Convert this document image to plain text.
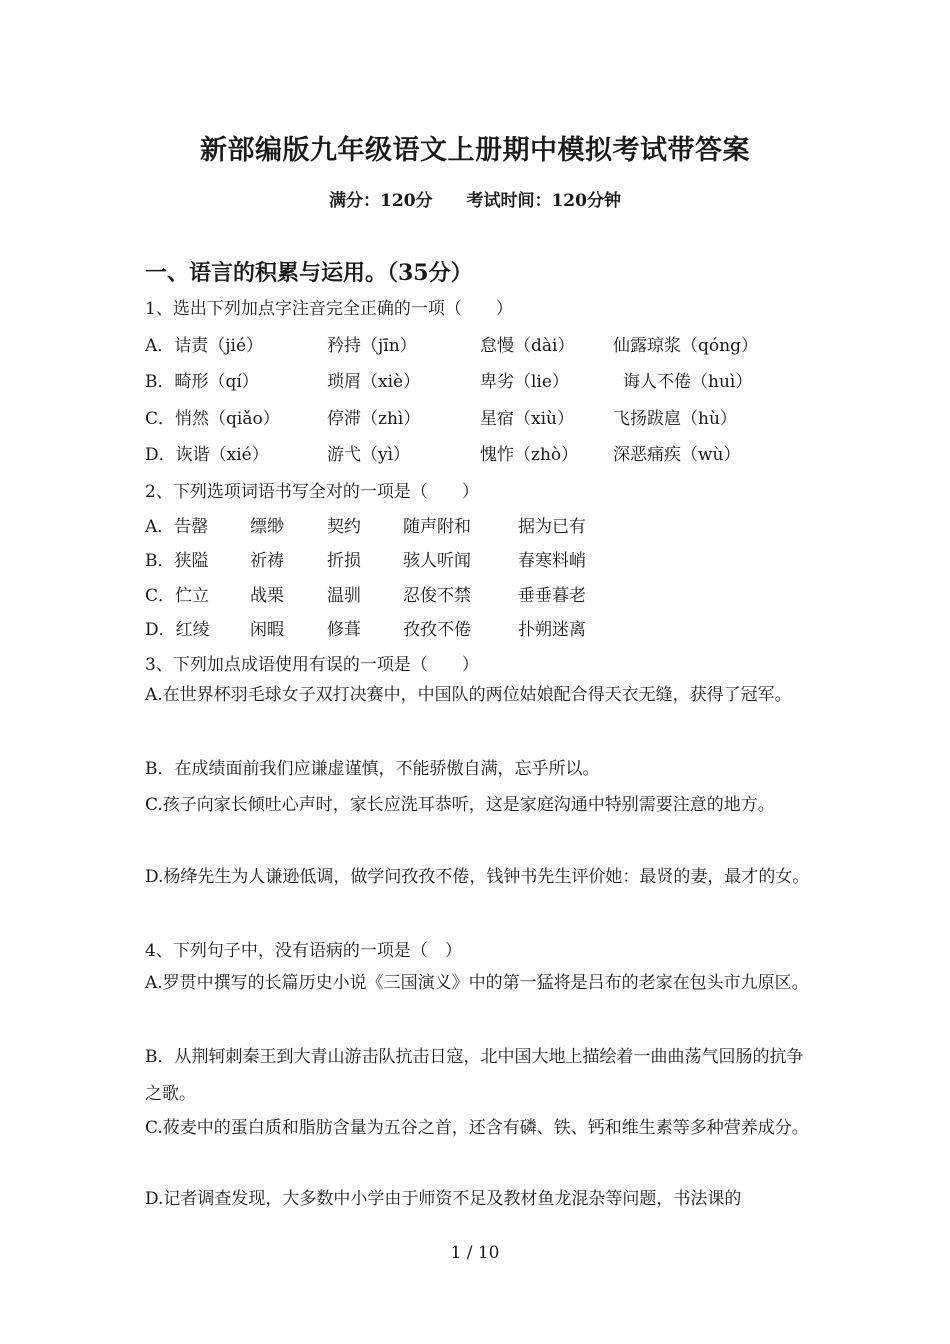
新部编版九年级语文上册期中模拟考试带答案
满分：120分 考试时间：120分钟
一、语言的积累与运用。（35分）
1、选出下列加点字注音完全正确的一项（　　）
A．诘责（jié）	矜持（jīn）	怠慢（dài） 仙露琼浆（qóng）
B．畸形（qí）	琐屑（xiè）	卑劣（lie）	诲人不倦（huì）
C．悄然（qiǎo）	停滞（zhì）	星宿（xiù） 飞扬跋扈（hù）
D．诙谐（xié）	游弋（yì）	愧怍（zhò） 深恶痛疾（wù）
2、下列选项词语书写全对的一项是（　　）
A．告罄 缥缈	契约 随声附和	据为已有
B．狭隘 祈祷	折损 骇人听闻	春寒料峭
C．伫立 战栗	温驯 忍俊不禁	垂垂暮老
D．红绫 闲暇	修葺 孜孜不倦	扑朔迷离
3、下列加点成语使用有误的一项是（　　）
A.在世界杯羽毛球女子双打决赛中，中国队的两位姑娘配合得天衣无缝，获得了冠军。
B．在成绩面前我们应谦虚谨慎，不能骄傲自满，忘乎所以。
C.孩子向家长倾吐心声时，家长应洗耳恭听，这是家庭沟通中特别需要注意的地方。
D.杨绛先生为人谦逊低调，做学问孜孜不倦，钱钟书先生评价她：最贤的妻，最才的女。
4、下列句子中，没有语病的一项是（　）
A.罗贯中撰写的长篇历史小说《三国演义》中的第一猛将是吕布的老家在包头市九原区。
B．从荆轲刺秦王到大青山游击队抗击日寇，北中国大地上描绘着一曲曲荡气回肠的抗争之歌。
C.莜麦中的蛋白质和脂肪含量为五谷之首，还含有磷、铁、钙和维生素等多种营养成分。
D.记者调查发现，大多数中小学由于师资不足及教材鱼龙混杂等问题，书法课的
1 / 10
